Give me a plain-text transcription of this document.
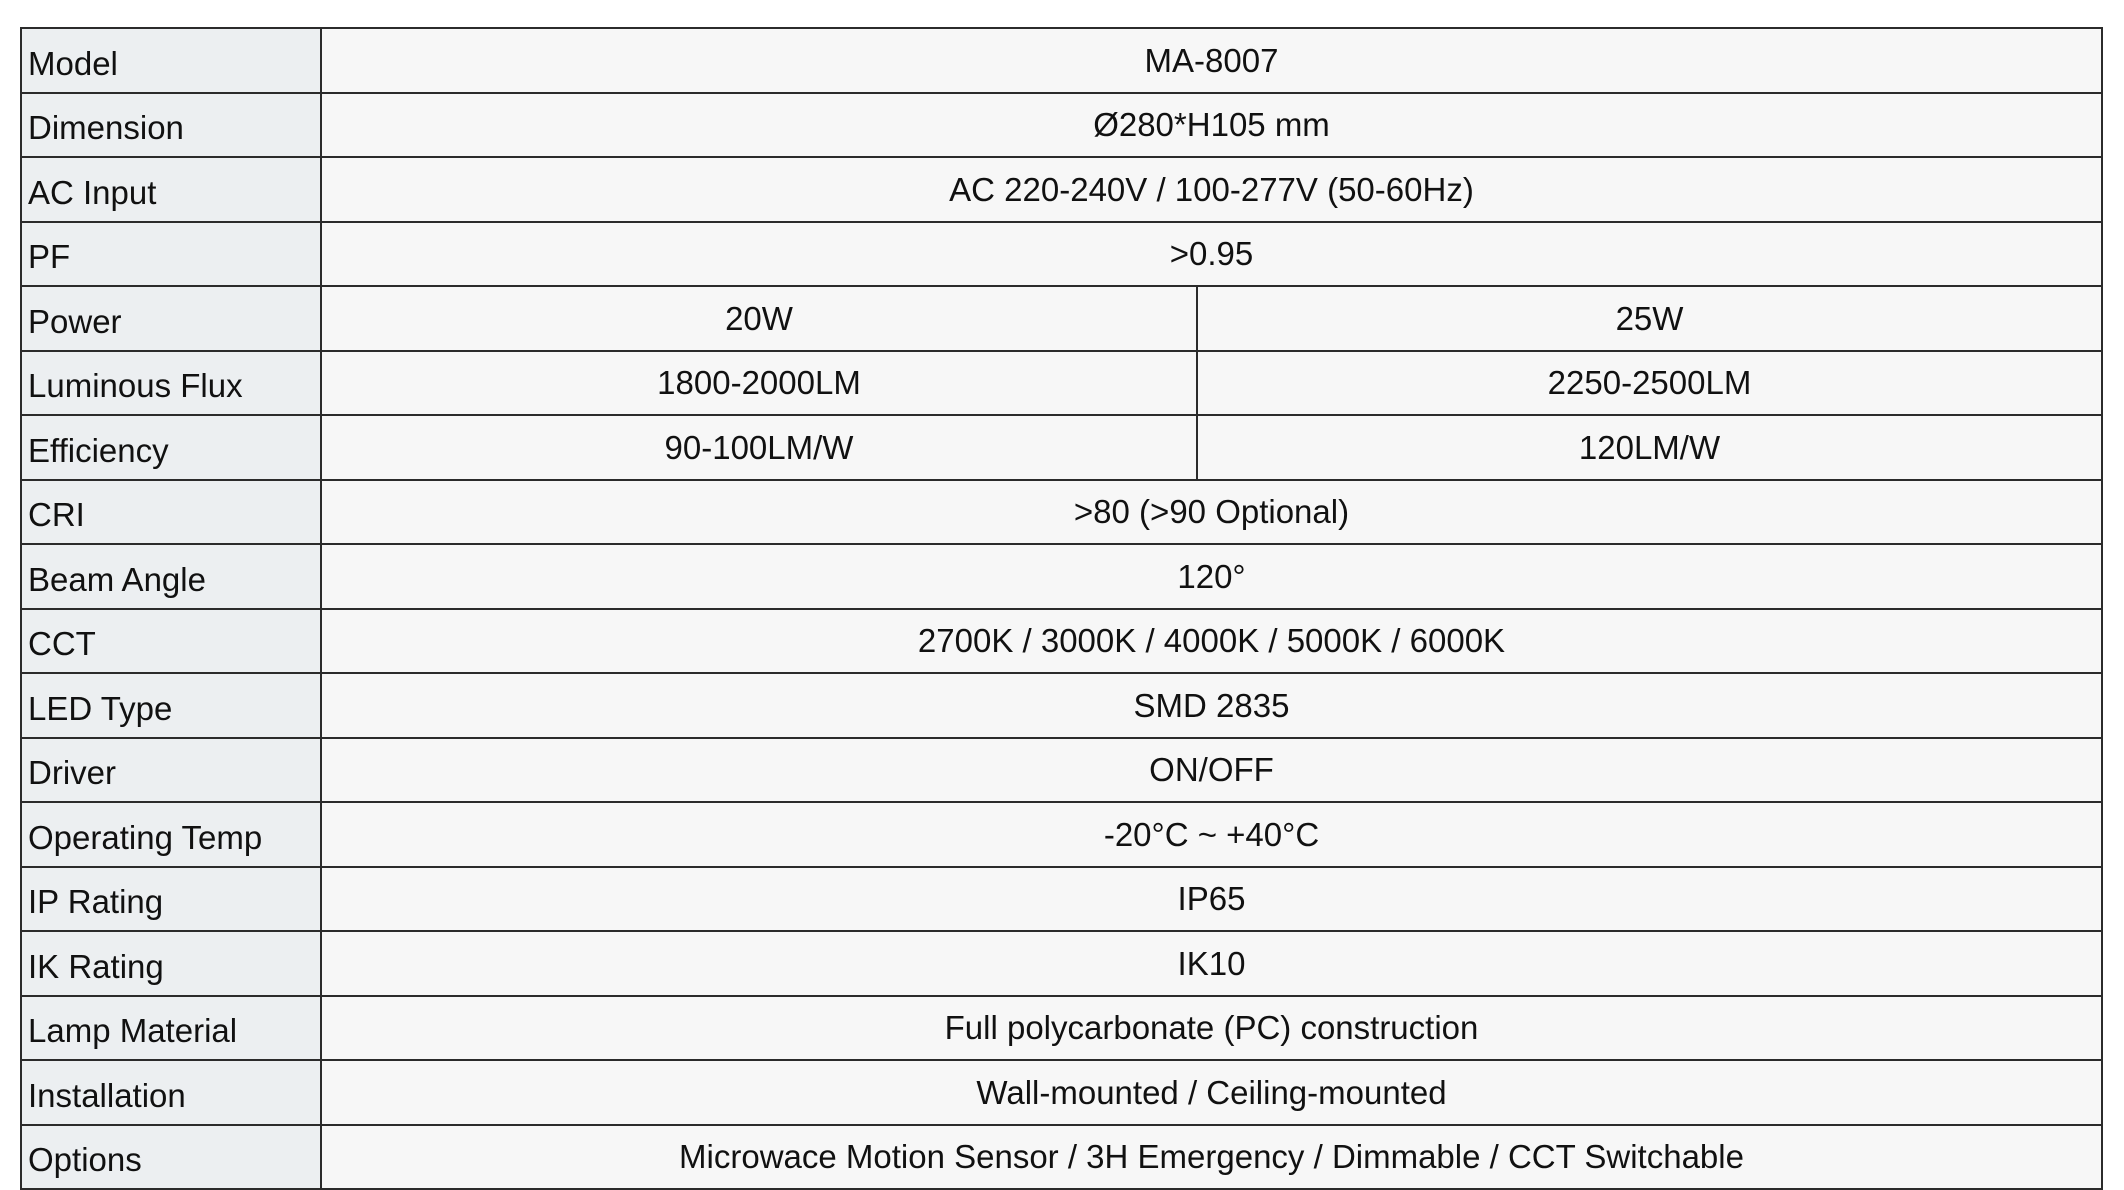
Model	MA-8007	
Dimension	Ø280*H105 mm	
AC Input	AC 220-240V / 100-277V (50-60Hz)	
PF	>0.95	
Power	20W	25W
Luminous Flux	1800-2000LM	2250-2500LM
Efficiency	90-100LM/W	120LM/W
CRI	>80 (>90 Optional)	
Beam Angle	120°	
CCT	2700K / 3000K / 4000K / 5000K / 6000K	
LED Type	SMD 2835	
Driver	ON/OFF	
Operating Temp	-20°C ~ +40°C	
IP Rating	IP65	
IK Rating	IK10	
Lamp Material	Full polycarbonate (PC) construction	
Installation	Wall-mounted / Ceiling-mounted	
Options	Microwace Motion Sensor / 3H Emergency / Dimmable / CCT Switchable	
